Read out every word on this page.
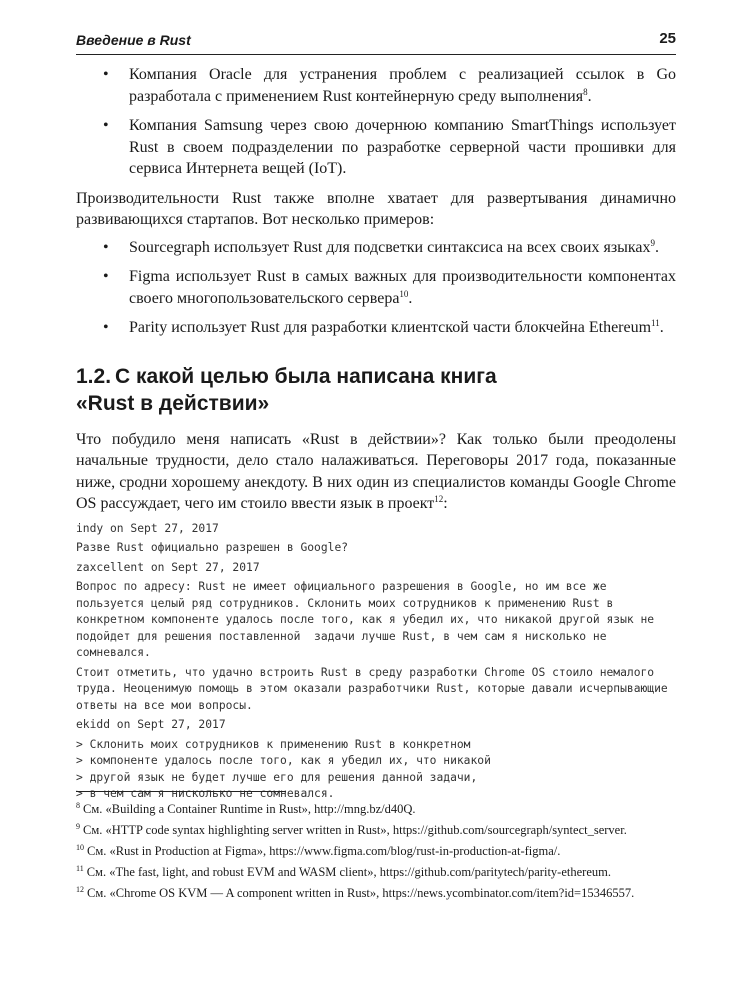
Введение в Rust	25
• Компания Oracle для устранения проблем с реализацией ссылок в Go разработала с применением Rust контейнерную среду выполнения$^8$.
• Компания Samsung через свою дочернюю компанию SmartThings использует Rust в своем подразделении по разработке серверной части прошивки для сервиса Интернета вещей (IoT).

Производительности Rust также вполне хватает для развертывания динамично развивающихся стартапов. Вот несколько примеров:

• Sourcegraph использует Rust для подсветки синтаксиса на всех своих языках$^9$.
• Figma использует Rust в самых важных для производительности компонентах своего многопользовательского сервера$^{10}$.
• Parity использует Rust для разработки клиентской части блокчейна Ethereum$^{11}$.
1.2. С какой целью была написана книга
«Rust в действии»

Что побудило меня написать «Rust в действии»? Как только были преодолены начальные трудности, дело стало налаживаться. Переговоры 2017 года, показанные ниже, сродни хорошему анекдоту. В них один из специалистов команды Google Chrome OS рассуждает, чего им стоило ввести язык в проект$^{12}$:

indy on Sept 27, 2017
Разве Rust официально разрешен в Google?
zaxcellent on Sept 27, 2017
Вопрос по адресу: Rust не имеет официального разрешения в Google, но им все же пользуется целый ряд сотрудников. Склонить моих сотрудников к применению Rust в конкретном компоненте удалось после того, как я убедил их, что никакой другой язык не подойдет для решения поставленной  задачи лучше Rust, в чем сам я нисколько не сомневался.
Стоит отметить, что удачно встроить Rust в среду разработки Chrome OS стоило немалого труда. Неоценимую помощь в этом оказали разработчики Rust, которые давали исчерпывающие ответы на все мои вопросы.
ekidd on Sept 27, 2017
> Склонить моих сотрудников к применению Rust в конкретном
> компоненте удалось после того, как я убедил их, что никакой
> другой язык не будет лучше его для решения данной задачи,
> в чем сам я нисколько не сомневался.

$^8$ См. «Building a Container Runtime in Rust», http://mng.bz/d40Q.

$^9$ См. «HTTP code syntax highlighting server written in Rust», https://github.com/sourcegraph/syntect_server.

$^{10}$ См. «Rust in Production at Figma», https://www.figma.com/blog/rust-in-production-at-figma/.

$^{11}$ См. «The fast, light, and robust EVM and WASM client», https://github.com/paritytech/parity-ethereum.

$^{12}$ См. «Chrome OS KVM — A component written in Rust», https://news.ycombinator.com/item?id=15346557.
